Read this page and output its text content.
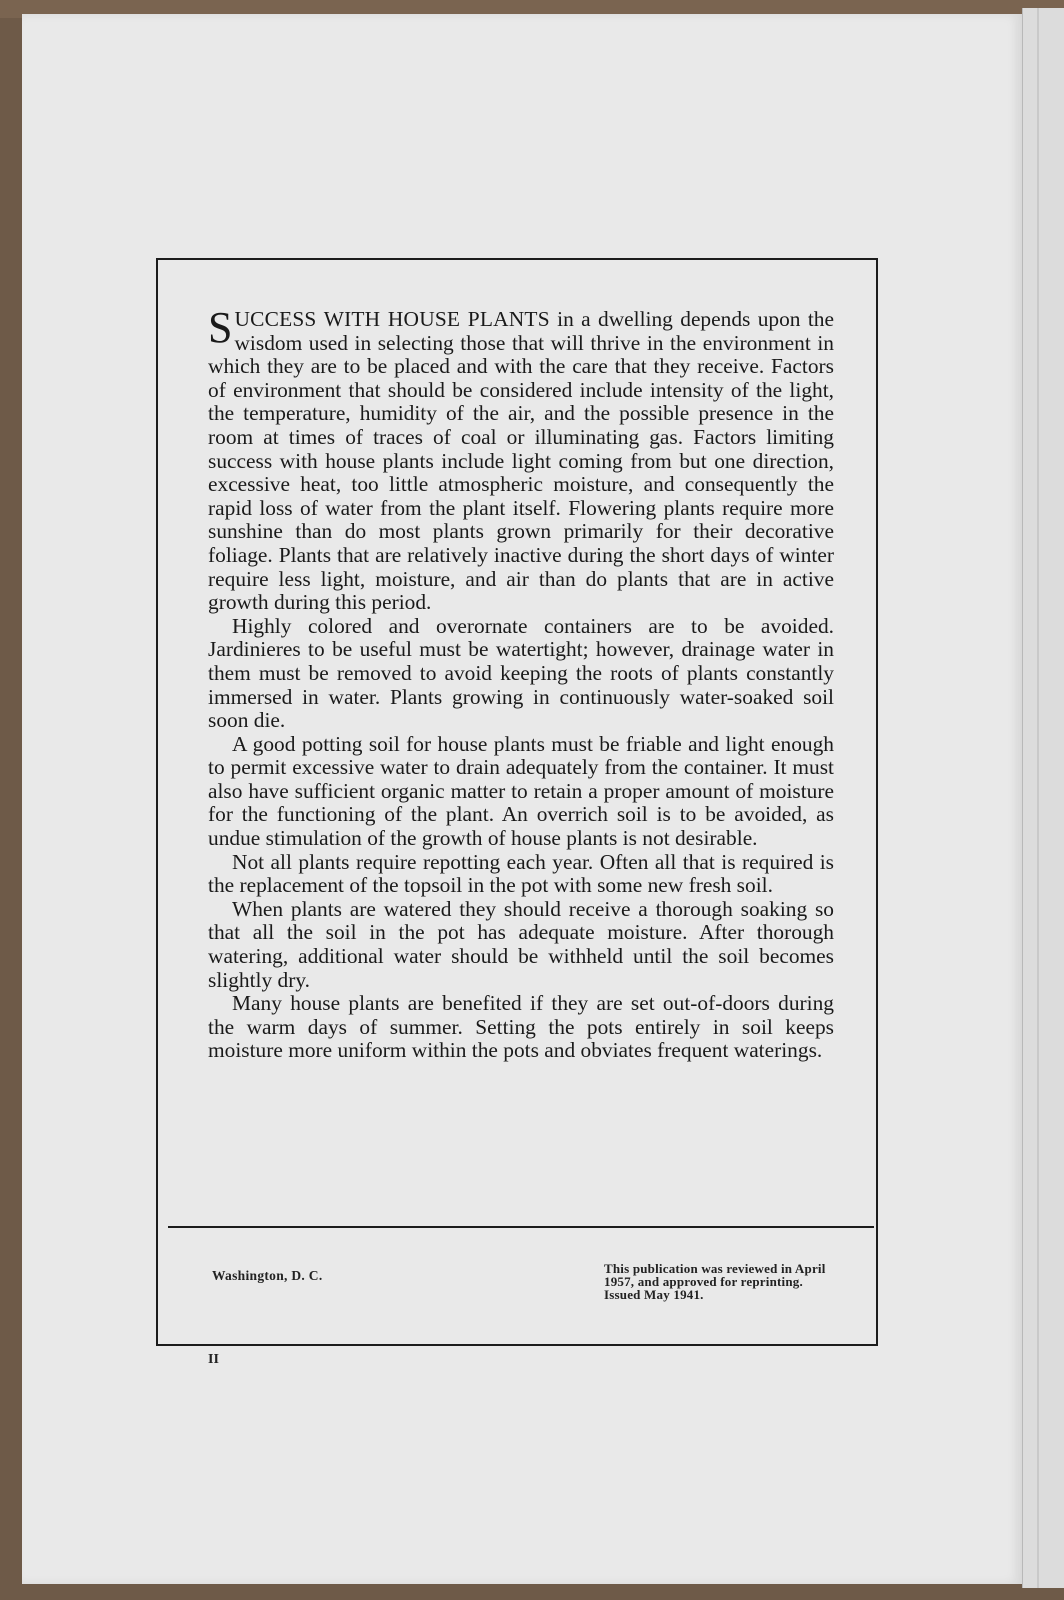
SUCCESS WITH HOUSE PLANTS in a dwelling depends upon the wisdom used in selecting those that will thrive in the environment in which they are to be placed and with the care that they receive. Factors of environment that should be considered include intensity of the light, the temperature, humidity of the air, and the possible presence in the room at times of traces of coal or illuminating gas. Factors limiting success with house plants include light coming from but one direction, excessive heat, too little atmospheric moisture, and consequently the rapid loss of water from the plant itself. Flowering plants require more sunshine than do most plants grown primarily for their decorative foliage. Plants that are relatively inactive during the short days of winter require less light, moisture, and air than do plants that are in active growth during this period.

Highly colored and overornate containers are to be avoided. Jardinieres to be useful must be watertight; however, drainage water in them must be removed to avoid keeping the roots of plants constantly immersed in water. Plants growing in continuously water-soaked soil soon die.

A good potting soil for house plants must be friable and light enough to permit excessive water to drain adequately from the container. It must also have sufficient organic matter to retain a proper amount of moisture for the functioning of the plant. An overrich soil is to be avoided, as undue stimulation of the growth of house plants is not desirable.

Not all plants require repotting each year. Often all that is required is the replacement of the topsoil in the pot with some new fresh soil.

When plants are watered they should receive a thorough soaking so that all the soil in the pot has adequate moisture. After thorough watering, additional water should be withheld until the soil becomes slightly dry.

Many house plants are benefited if they are set out-of-doors during the warm days of summer. Setting the pots entirely in soil keeps moisture more uniform within the pots and obviates frequent waterings.

Washington, D. C.	This publication was reviewed in April 1957, and approved for reprinting. Issued May 1941.
II
